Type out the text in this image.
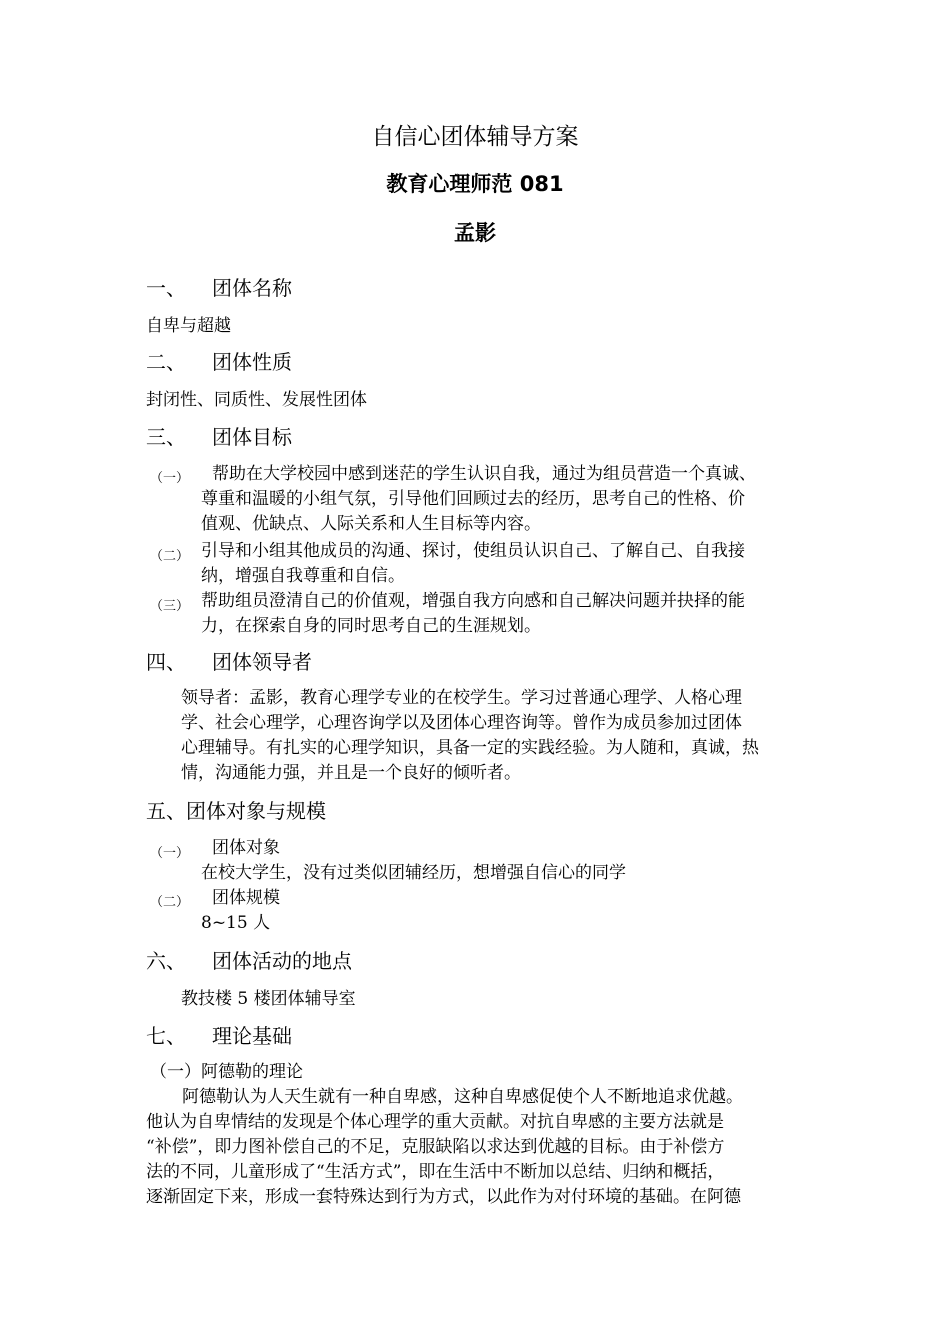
自信心团体辅导方案
教育心理师范 081
孟影
一、 团体名称
自卑与超越
二、 团体性质
封闭性、同质性、发展性团体
三、 团体目标
（一） 帮助在大学校园中感到迷茫的学生认识自我，通过为组员营造一个真诚、
尊重和温暖的小组气氛，引导他们回顾过去的经历，思考自己的性格、价
值观、优缺点、人际关系和人生目标等内容。
（二） 引导和小组其他成员的沟通、探讨，使组员认识自己、了解自己、自我接
纳，增强自我尊重和自信。
（三） 帮助组员澄清自己的价值观，增强自我方向感和自己解决问题并抉择的能
力，在探索自身的同时思考自己的生涯规划。
四、 团体领导者
领导者：孟影，教育心理学专业的在校学生。学习过普通心理学、人格心理
学、社会心理学，心理咨询学以及团体心理咨询等。曾作为成员参加过团体
心理辅导。有扎实的心理学知识，具备一定的实践经验。为人随和，真诚，热
情，沟通能力强，并且是一个良好的倾听者。
五、团体对象与规模
（一） 团体对象
在校大学生，没有过类似团辅经历，想增强自信心的同学
（二） 团体规模
8~15 人
六、 团体活动的地点
教技楼 5 楼团体辅导室
七、 理论基础
（一）阿德勒的理论
阿德勒认为人天生就有一种自卑感，这种自卑感促使个人不断地追求优越。
他认为自卑情结的发现是个体心理学的重大贡献。对抗自卑感的主要方法就是
“补偿”，即力图补偿自己的不足，克服缺陷以求达到优越的目标。由于补偿方
法的不同，儿童形成了“生活方式”，即在生活中不断加以总结、归纳和概括，
逐渐固定下来，形成一套特殊达到行为方式，以此作为对付环境的基础。在阿德
